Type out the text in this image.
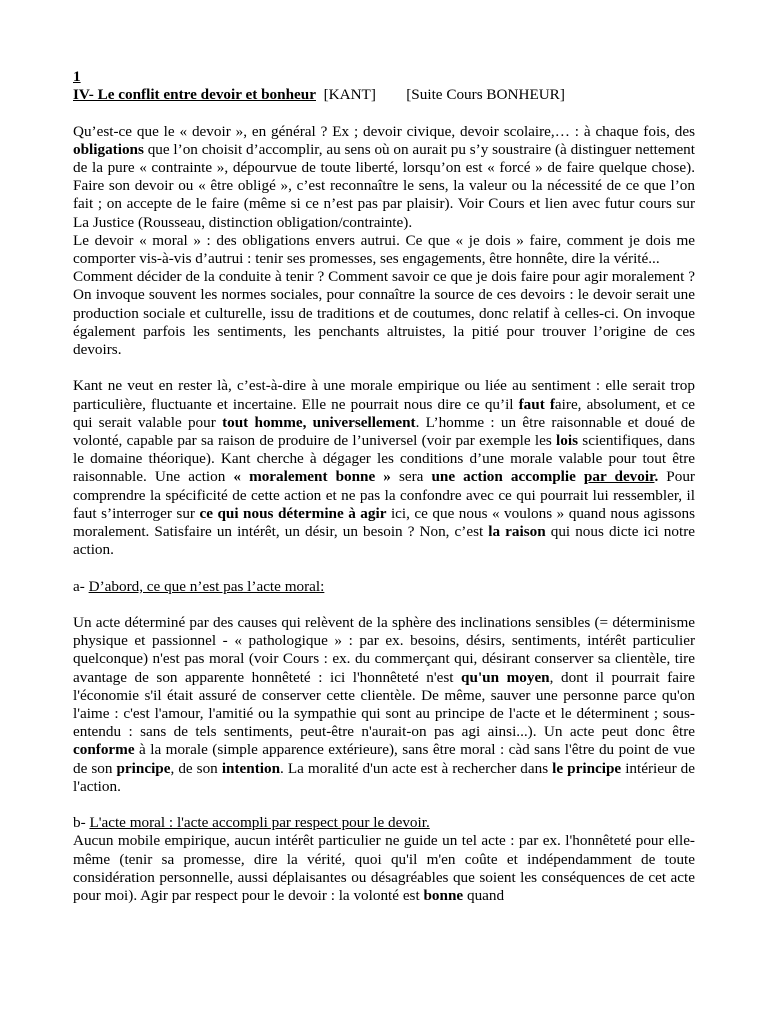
1

IV- Le conflit entre devoir et bonheur [KANT] [Suite Cours BONHEUR]

Qu’est-ce que le « devoir », en général ? Ex ; devoir civique, devoir scolaire,… : à chaque fois, des obligations que l’on choisit d’accomplir, au sens où on aurait pu s’y soustraire (à distinguer nettement de la pure « contrainte », dépourvue de toute liberté, lorsqu’on est « forcé » de faire quelque chose). Faire son devoir ou « être obligé », c’est reconnaître le sens, la valeur ou la nécessité de ce que l’on fait ; on accepte de le faire (même si ce n’est pas par plaisir). Voir Cours et lien avec futur cours sur La Justice (Rousseau, distinction obligation/contrainte).

Le devoir « moral » : des obligations envers autrui. Ce que « je dois » faire, comment je dois me comporter vis-à-vis d’autrui : tenir ses promesses, ses engagements, être honnête, dire la vérité...

Comment décider de la conduite à tenir ? Comment savoir ce que je dois faire pour agir moralement ? On invoque souvent les normes sociales, pour connaître la source de ces devoirs : le devoir serait une production sociale et culturelle, issu de traditions et de coutumes, donc relatif à celles-ci. On invoque également parfois les sentiments, les penchants altruistes, la pitié pour trouver l’origine de ces devoirs.

Kant ne veut en rester là, c’est-à-dire à une morale empirique ou liée au sentiment : elle serait trop particulière, fluctuante et incertaine. Elle ne pourrait nous dire ce qu’il faut faire, absolument, et ce qui serait valable pour tout homme, universellement. L’homme : un être raisonnable et doué de volonté, capable par sa raison de produire de l’universel (voir par exemple les lois scientifiques, dans le domaine théorique). Kant cherche à dégager les conditions d’une morale valable pour tout être raisonnable. Une action « moralement bonne » sera une action accomplie par devoir. Pour comprendre la spécificité de cette action et ne pas la confondre avec ce qui pourrait lui ressembler, il faut s’interroger sur ce qui nous détermine à agir ici, ce que nous « voulons » quand nous agissons moralement. Satisfaire un intérêt, un désir, un besoin ? Non, c’est la raison qui nous dicte ici notre action.

a- D’abord, ce que n’est pas l’acte moral:

Un acte déterminé par des causes qui relèvent de la sphère des inclinations sensibles (= déterminisme physique et passionnel - « pathologique » : par ex. besoins, désirs, sentiments, intérêt particulier quelconque) n'est pas moral (voir Cours : ex. du commerçant qui, désirant conserver sa clientèle, tire avantage de son apparente honnêteté : ici l'honnêteté n'est qu'un moyen, dont il pourrait faire l'économie s'il était assuré de conserver cette clientèle. De même, sauver une personne parce qu'on l'aime : c'est l'amour, l'amitié ou la sympathie qui sont au principe de l'acte et le déterminent ; sous-entendu : sans de tels sentiments, peut-être n'aurait-on pas agi ainsi...). Un acte peut donc être conforme à la morale (simple apparence extérieure), sans être moral : càd sans l'être du point de vue de son principe, de son intention. La moralité d'un acte est à rechercher dans le principe intérieur de l'action.

b- L'acte moral : l'acte accompli par respect pour le devoir.

Aucun mobile empirique, aucun intérêt particulier ne guide un tel acte : par ex. l'honnêteté pour elle-même (tenir sa promesse, dire la vérité, quoi qu'il m'en coûte et indépendamment de toute considération personnelle, aussi déplaisantes ou désagréables que soient les conséquences de cet acte pour moi). Agir par respect pour le devoir : la volonté est bonne quand
